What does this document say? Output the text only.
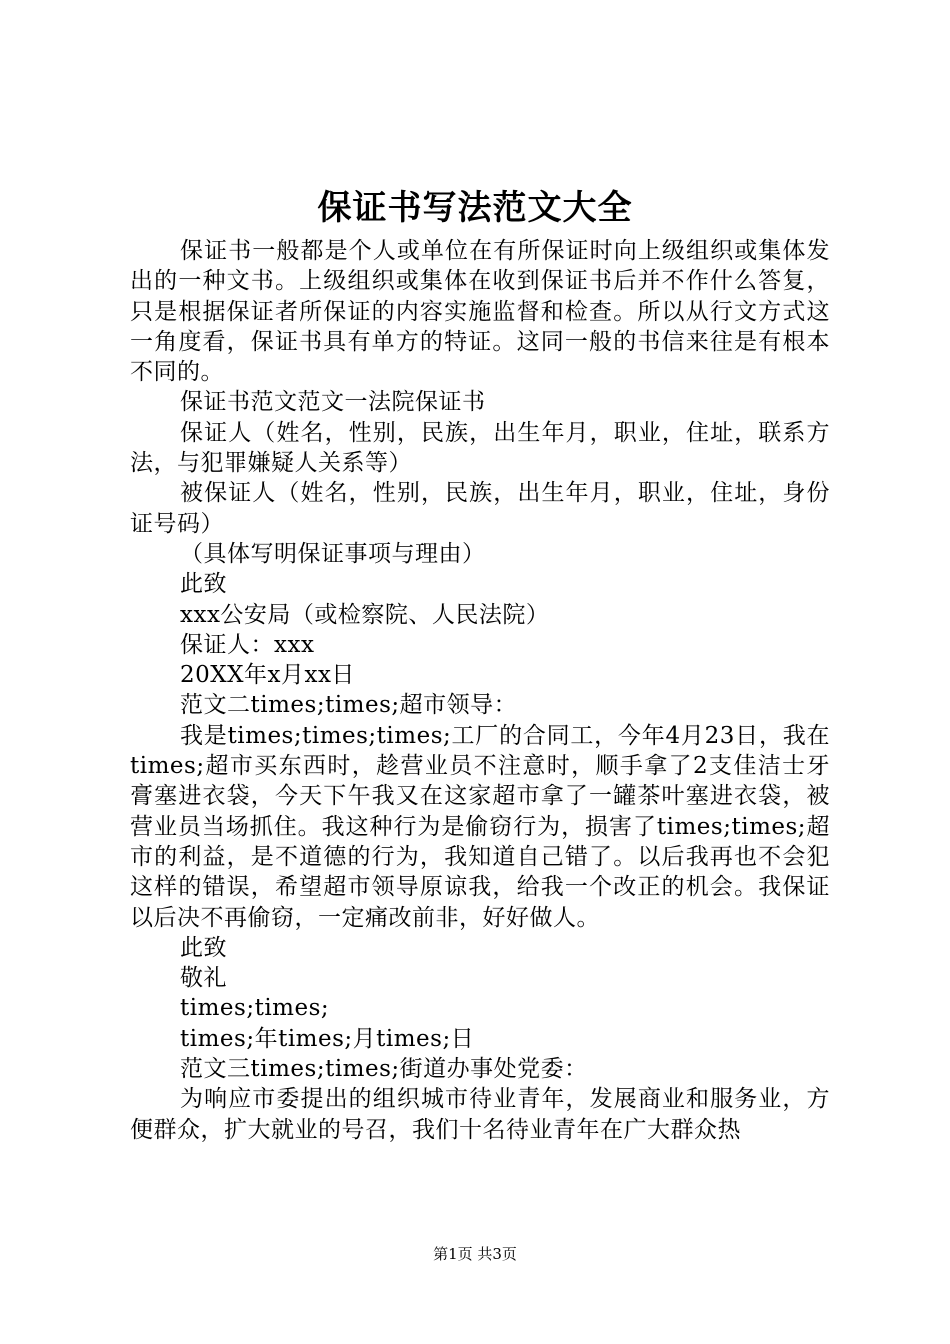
保证书写法范文大全

保证书一般都是个人或单位在有所保证时向上级组织或集体发出的一种文书。上级组织或集体在收到保证书后并不作什么答复，只是根据保证者所保证的内容实施监督和检查。所以从行文方式这一角度看，保证书具有单方的特证。这同一般的书信来往是有根本不同的。

保证书范文范文一法院保证书

保证人（姓名，性别，民族，出生年月，职业，住址，联系方法，与犯罪嫌疑人关系等）

被保证人（姓名，性别，民族，出生年月，职业，住址，身份证号码）

（具体写明保证事项与理由）

此致

xxx公安局（或检察院、人民法院）

保证人：xxx

20XX年x月xx日

范文二times;times;超市领导：

我是times;times;times;工厂的合同工，今年4月23日，我在times;超市买东西时，趁营业员不注意时，顺手拿了2支佳洁士牙膏塞进衣袋，今天下午我又在这家超市拿了一罐茶叶塞进衣袋，被营业员当场抓住。我这种行为是偷窃行为，损害了times;times;超市的利益，是不道德的行为，我知道自己错了。以后我再也不会犯这样的错误，希望超市领导原谅我，给我一个改正的机会。我保证以后决不再偷窃，一定痛改前非，好好做人。

此致

敬礼

times;times;

times;年times;月times;日

范文三times;times;街道办事处党委：

为响应市委提出的组织城市待业青年，发展商业和服务业，方便群众，扩大就业的号召，我们十名待业青年在广大群众热

第1页 共3页
